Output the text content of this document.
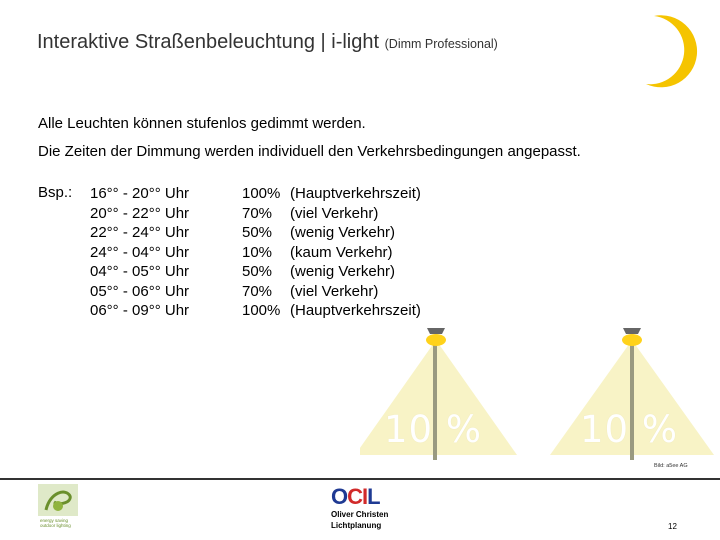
Interaktive Straßenbeleuchtung | i-light (Dimm Professional)
Alle Leuchten können stufenlos gedimmt werden.
Die Zeiten der Dimmung werden individuell den Verkehrsbedingungen angepasst.
Bsp.: 16°° - 20°° Uhr
20°° - 22°° Uhr
22°° - 24°° Uhr
24°° - 04°° Uhr
04°° - 05°° Uhr
05°° - 06°° Uhr
06°° - 09°° Uhr
100%
70%
50%
10%
50%
70%
100%
(Hauptverkehrszeit)
(viel Verkehr)
(wenig Verkehr)
(kaum Verkehr)
(wenig Verkehr)
(viel Verkehr)
(Hauptverkehrszeit)
10 %	10 %
Bild: a5ee AG
energy saving outdoor lighting
OCIL
Oliver Christen
Lichtplanung	12
